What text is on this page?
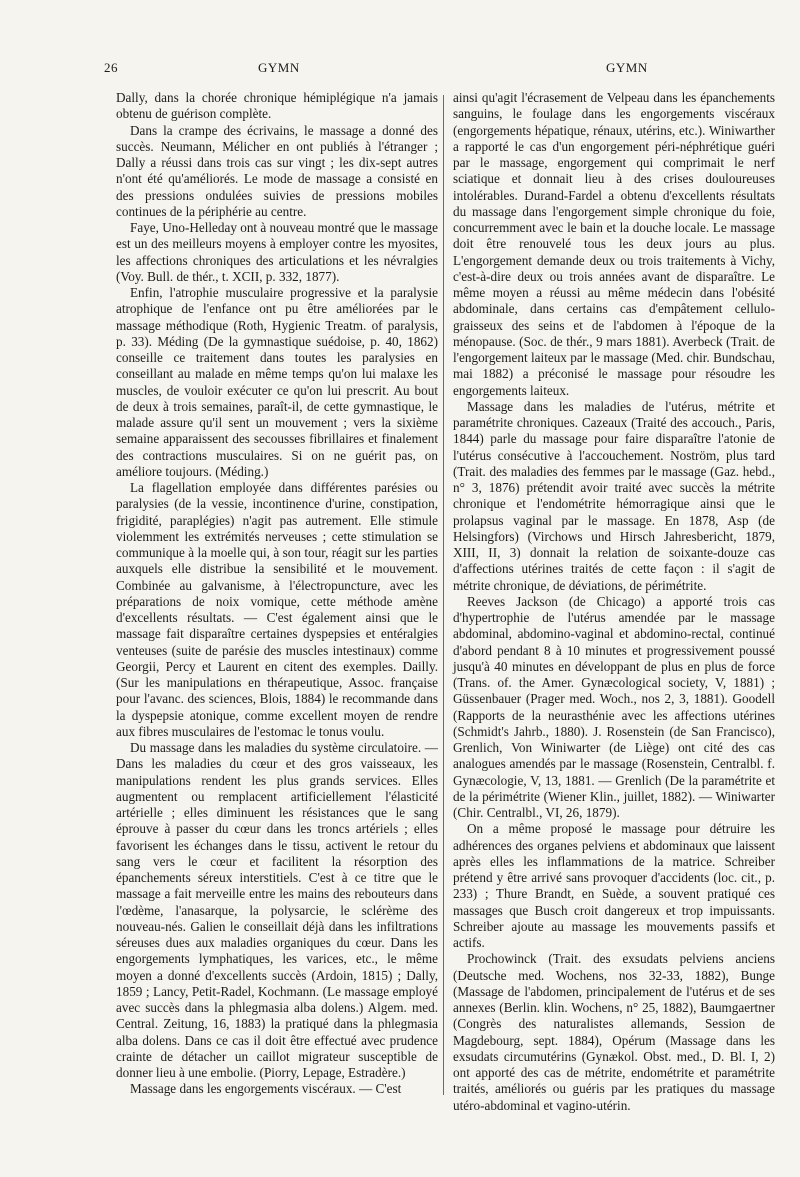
26	GYMN	GYMN

Dally, dans la chorée chronique hémiplégique n'a jamais obtenu de guérison complète.

Dans la crampe des écrivains, le massage a donné des succès. Neumann, Mélicher en ont publiés à l'étranger ; Dally a réussi dans trois cas sur vingt ; les dix-sept autres n'ont été qu'améliorés. Le mode de massage a consisté en des pressions ondulées suivies de pressions mobiles continues de la périphérie au centre.

Faye, Uno-Helleday ont à nouveau montré que le massage est un des meilleurs moyens à employer contre les myosites, les affections chroniques des articulations et les névralgies (Voy. Bull. de thér., t. XCII, p. 332, 1877).

Enfin, l'atrophie musculaire progressive et la paralysie atrophique de l'enfance ont pu être améliorées par le massage méthodique (Roth, Hygienic Treatm. of paralysis, p. 33). Méding (De la gymnastique suédoise, p. 40, 1862) conseille ce traitement dans toutes les paralysies en conseillant au malade en même temps qu'on lui malaxe les muscles, de vouloir exécuter ce qu'on lui prescrit. Au bout de deux à trois semaines, paraît-il, de cette gymnastique, le malade assure qu'il sent un mouvement ; vers la sixième semaine apparaissent des secousses fibrillaires et finalement des contractions musculaires. Si on ne guérit pas, on améliore toujours. (Méding.)

La flagellation employée dans différentes parésies ou paralysies (de la vessie, incontinence d'urine, constipation, frigidité, paraplégies) n'agit pas autrement. Elle stimule violemment les extrémités nerveuses ; cette stimulation se communique à la moelle qui, à son tour, réagit sur les parties auxquels elle distribue la sensibilité et le mouvement. Combinée au galvanisme, à l'électropuncture, avec les préparations de noix vomique, cette méthode amène d'excellents résultats. — C'est également ainsi que le massage fait disparaître certaines dyspepsies et entéralgies venteuses (suite de parésie des muscles intestinaux) comme Georgii, Percy et Laurent en citent des exemples. Dailly. (Sur les manipulations en thérapeutique, Assoc. française pour l'avanc. des sciences, Blois, 1884) le recommande dans la dyspepsie atonique, comme excellent moyen de rendre aux fibres musculaires de l'estomac le tonus voulu.

Du massage dans les maladies du système circulatoire. — Dans les maladies du cœur et des gros vaisseaux, les manipulations rendent les plus grands services. Elles augmentent ou remplacent artificiellement l'élasticité artérielle ; elles diminuent les résistances que le sang éprouve à passer du cœur dans les troncs artériels ; elles favorisent les échanges dans le tissu, activent le retour du sang vers le cœur et facilitent la résorption des épanchements séreux interstitiels. C'est à ce titre que le massage a fait merveille entre les mains des rebouteurs dans l'œdème, l'anasarque, la polysarcie, le sclérème des nouveau-nés. Galien le conseillait déjà dans les infiltrations séreuses dues aux maladies organiques du cœur. Dans les engorgements lymphatiques, les varices, etc., le même moyen a donné d'excellents succès (Ardoin, 1815) ; Dally, 1859 ; Lancy, Petit-Radel, Kochmann. (Le massage employé avec succès dans la phlegmasia alba dolens.) Algem. med. Central. Zeitung, 16, 1883) la pratiqué dans la phlegmasia alba dolens. Dans ce cas il doit être effectué avec prudence crainte de détacher un caillot migrateur susceptible de donner lieu à une embolie. (Piorry, Lepage, Estradère.)

Massage dans les engorgements viscéraux. — C'est

ainsi qu'agit l'écrasement de Velpeau dans les épanchements sanguins, le foulage dans les engorgements viscéraux (engorgements hépatique, rénaux, utérins, etc.). Winiwarther a rapporté le cas d'un engorgement péri-néphrétique guéri par le massage, engorgement qui comprimait le nerf sciatique et donnait lieu à des crises douloureuses intolérables. Durand-Fardel a obtenu d'excellents résultats du massage dans l'engorgement simple chronique du foie, concurremment avec le bain et la douche locale. Le massage doit être renouvelé tous les deux jours au plus. L'engorgement demande deux ou trois traitements à Vichy, c'est-à-dire deux ou trois années avant de disparaître. Le même moyen a réussi au même médecin dans l'obésité abdominale, dans certains cas d'empâtement cellulo-graisseux des seins et de l'abdomen à l'époque de la ménopause. (Soc. de thér., 9 mars 1881). Averbeck (Trait. de l'engorgement laiteux par le massage (Med. chir. Bundschau, mai 1882) a préconisé le massage pour résoudre les engorgements laiteux.

Massage dans les maladies de l'utérus, métrite et paramétrite chroniques. Cazeaux (Traité des accouch., Paris, 1844) parle du massage pour faire disparaître l'atonie de l'utérus consécutive à l'accouchement. Noström, plus tard (Trait. des maladies des femmes par le massage (Gaz. hebd., n° 3, 1876) prétendit avoir traité avec succès la métrite chronique et l'endométrite hémorragique ainsi que le prolapsus vaginal par le massage. En 1878, Asp (de Helsingfors) (Virchows und Hirsch Jahresbericht, 1879, XIII, II, 3) donnait la relation de soixante-douze cas d'affections utérines traités de cette façon : il s'agit de métrite chronique, de déviations, de périmétrite.

Reeves Jackson (de Chicago) a apporté trois cas d'hypertrophie de l'utérus amendée par le massage abdominal, abdomino-vaginal et abdomino-rectal, continué d'abord pendant 8 à 10 minutes et progressivement poussé jusqu'à 40 minutes en développant de plus en plus de force (Trans. of. the Amer. Gynæcological society, V, 1881) ; Güssenbauer (Prager med. Woch., nos 2, 3, 1881). Goodell (Rapports de la neurasthénie avec les affections utérines (Schmidt's Jahrb., 1880). J. Rosenstein (de San Francisco), Grenlich, Von Winiwarter (de Liège) ont cité des cas analogues amendés par le massage (Rosenstein, Centralbl. f. Gynæcologie, V, 13, 1881. — Grenlich (De la paramétrite et de la périmétrite (Wiener Klin., juillet, 1882). — Winiwarter (Chir. Centralbl., VI, 26, 1879).

On a même proposé le massage pour détruire les adhérences des organes pelviens et abdominaux que laissent après elles les inflammations de la matrice. Schreiber prétend y être arrivé sans provoquer d'accidents (loc. cit., p. 233) ; Thure Brandt, en Suède, a souvent pratiqué ces massages que Busch croit dangereux et trop impuissants. Schreiber ajoute au massage les mouvements passifs et actifs.

Prochowinck (Trait. des exsudats pelviens anciens (Deutsche med. Wochens, nos 32-33, 1882), Bunge (Massage de l'abdomen, principalement de l'utérus et de ses annexes (Berlin. klin. Wochens, n° 25, 1882), Baumgaertner (Congrès des naturalistes allemands, Session de Magdebourg, sept. 1884), Opérum (Massage dans les exsudats circumutérins (Gynækol. Obst. med., D. Bl. I, 2) ont apporté des cas de métrite, endométrite et paramétrite traités, améliorés ou guéris par les pratiques du massage utéro-abdominal et vagino-utérin.
